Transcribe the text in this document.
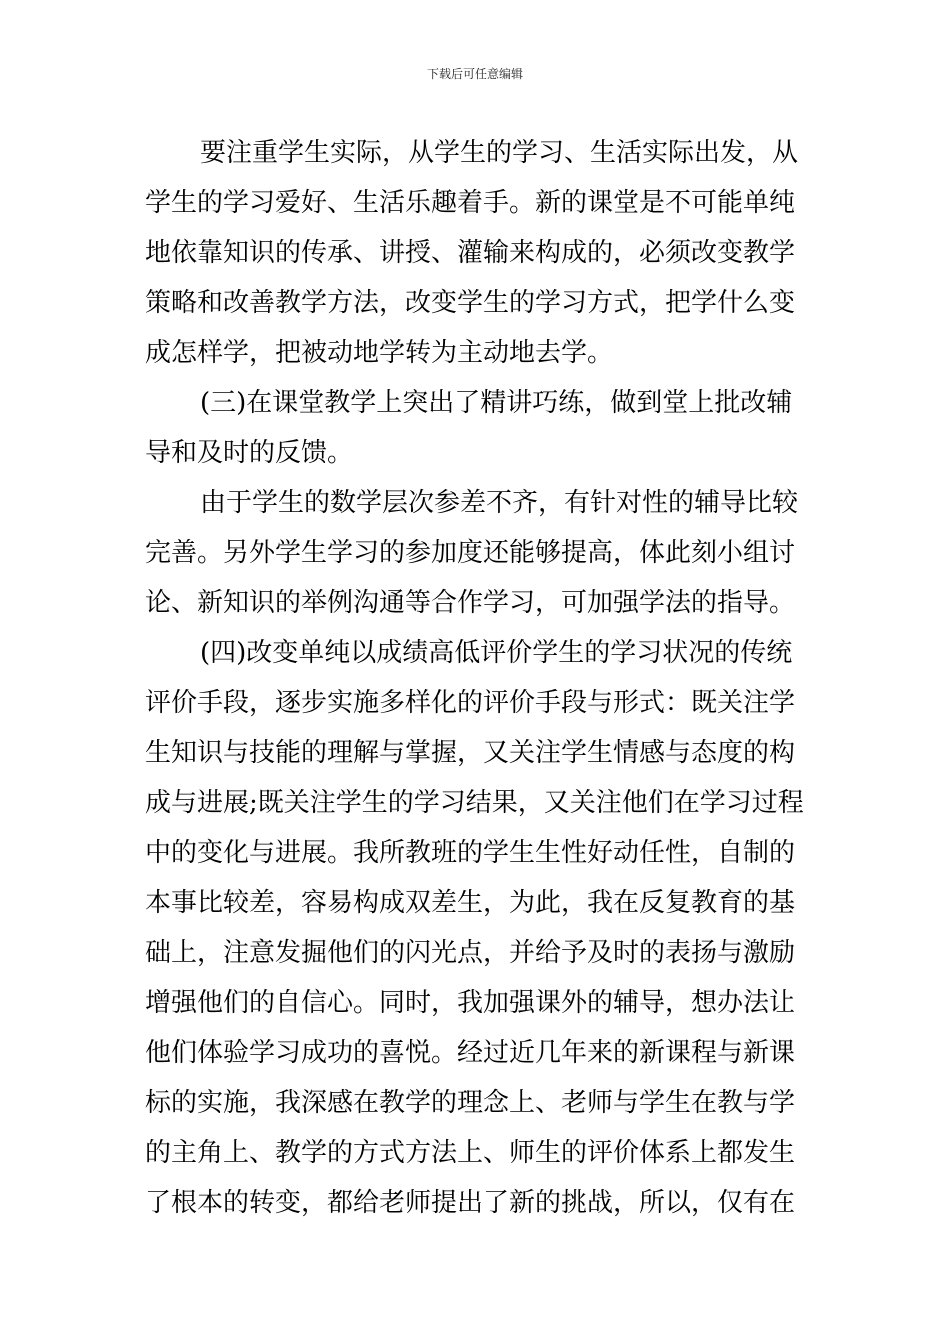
下载后可任意编辑
要注重学生实际，从学生的学习、生活实际出发，从
学生的学习爱好、生活乐趣着手。新的课堂是不可能单纯
地依靠知识的传承、讲授、灌输来构成的，必须改变教学
策略和改善教学方法，改变学生的学习方式，把学什么变
成怎样学，把被动地学转为主动地去学。
(三)在课堂教学上突出了精讲巧练，做到堂上批改辅
导和及时的反馈。
由于学生的数学层次参差不齐，有针对性的辅导比较
完善。另外学生学习的参加度还能够提高，体此刻小组讨
论、新知识的举例沟通等合作学习，可加强学法的指导。
(四)改变单纯以成绩高低评价学生的学习状况的传统
评价手段，逐步实施多样化的评价手段与形式：既关注学
生知识与技能的理解与掌握，又关注学生情感与态度的构
成与进展;既关注学生的学习结果，又关注他们在学习过程
中的变化与进展。我所教班的学生生性好动任性，自制的
本事比较差，容易构成双差生，为此，我在反复教育的基
础上，注意发掘他们的闪光点，并给予及时的表扬与激励
增强他们的自信心。同时，我加强课外的辅导，想办法让
他们体验学习成功的喜悦。经过近几年来的新课程与新课
标的实施，我深感在教学的理念上、老师与学生在教与学
的主角上、教学的方式方法上、师生的评价体系上都发生
了根本的转变，都给老师提出了新的挑战，所以，仅有在
